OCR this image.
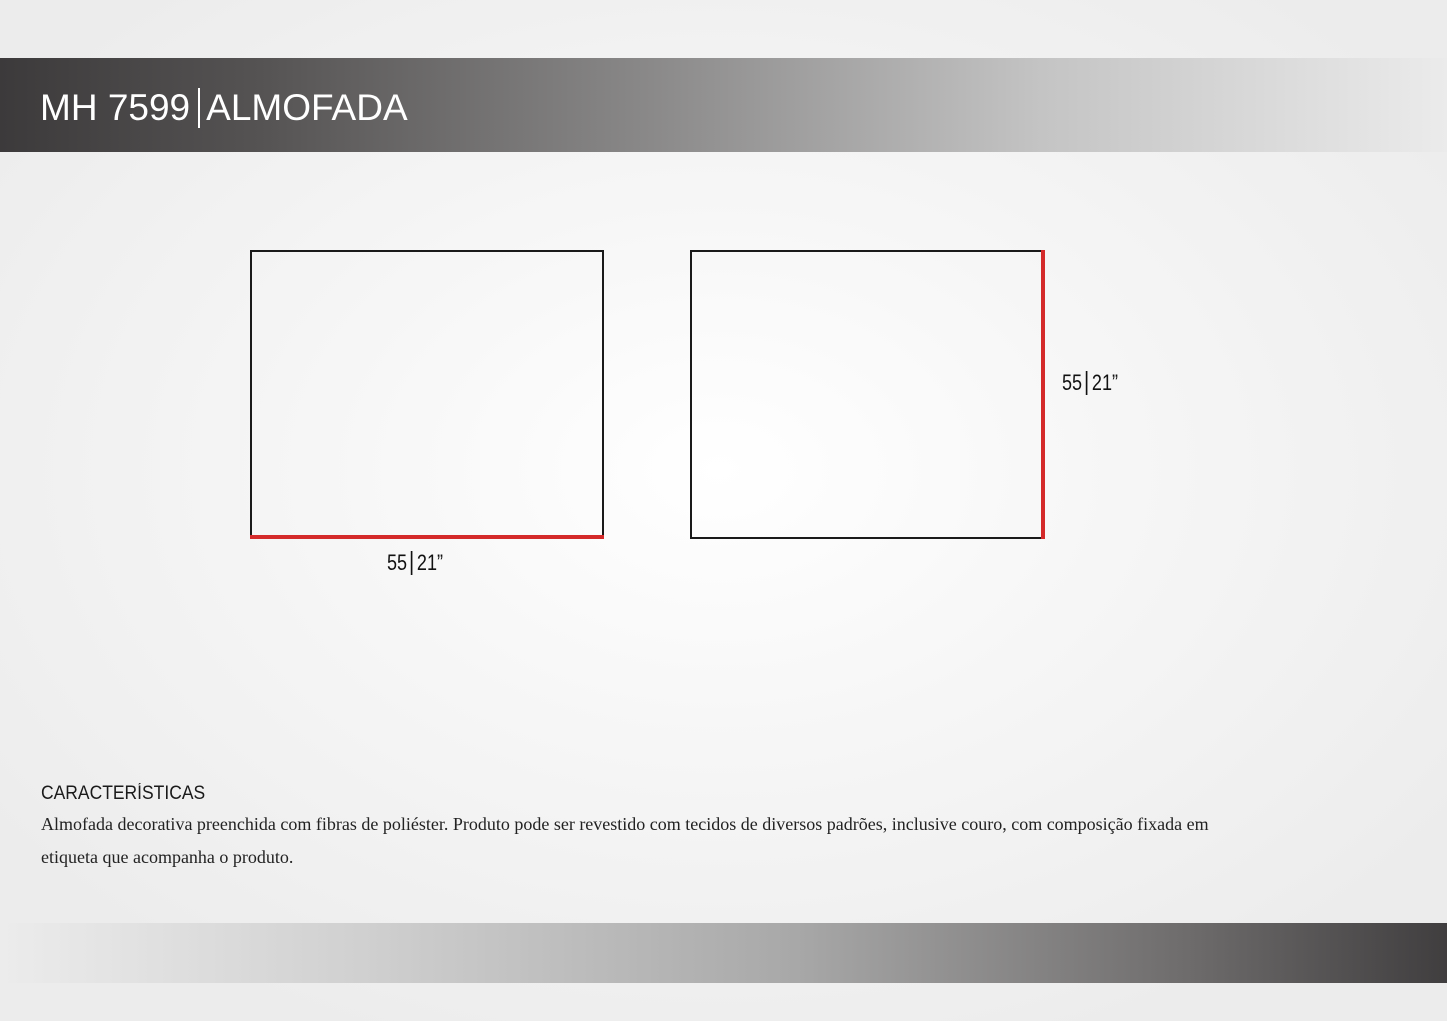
MH 7599 ALMOFADA
55 21”
55 21”
CARACTERÍSTICAS

Almofada decorativa preenchida com fibras de poliéster. Produto pode ser revestido com tecidos de diversos padrões, inclusive couro, com composição fixada em etiqueta que acompanha o produto.
